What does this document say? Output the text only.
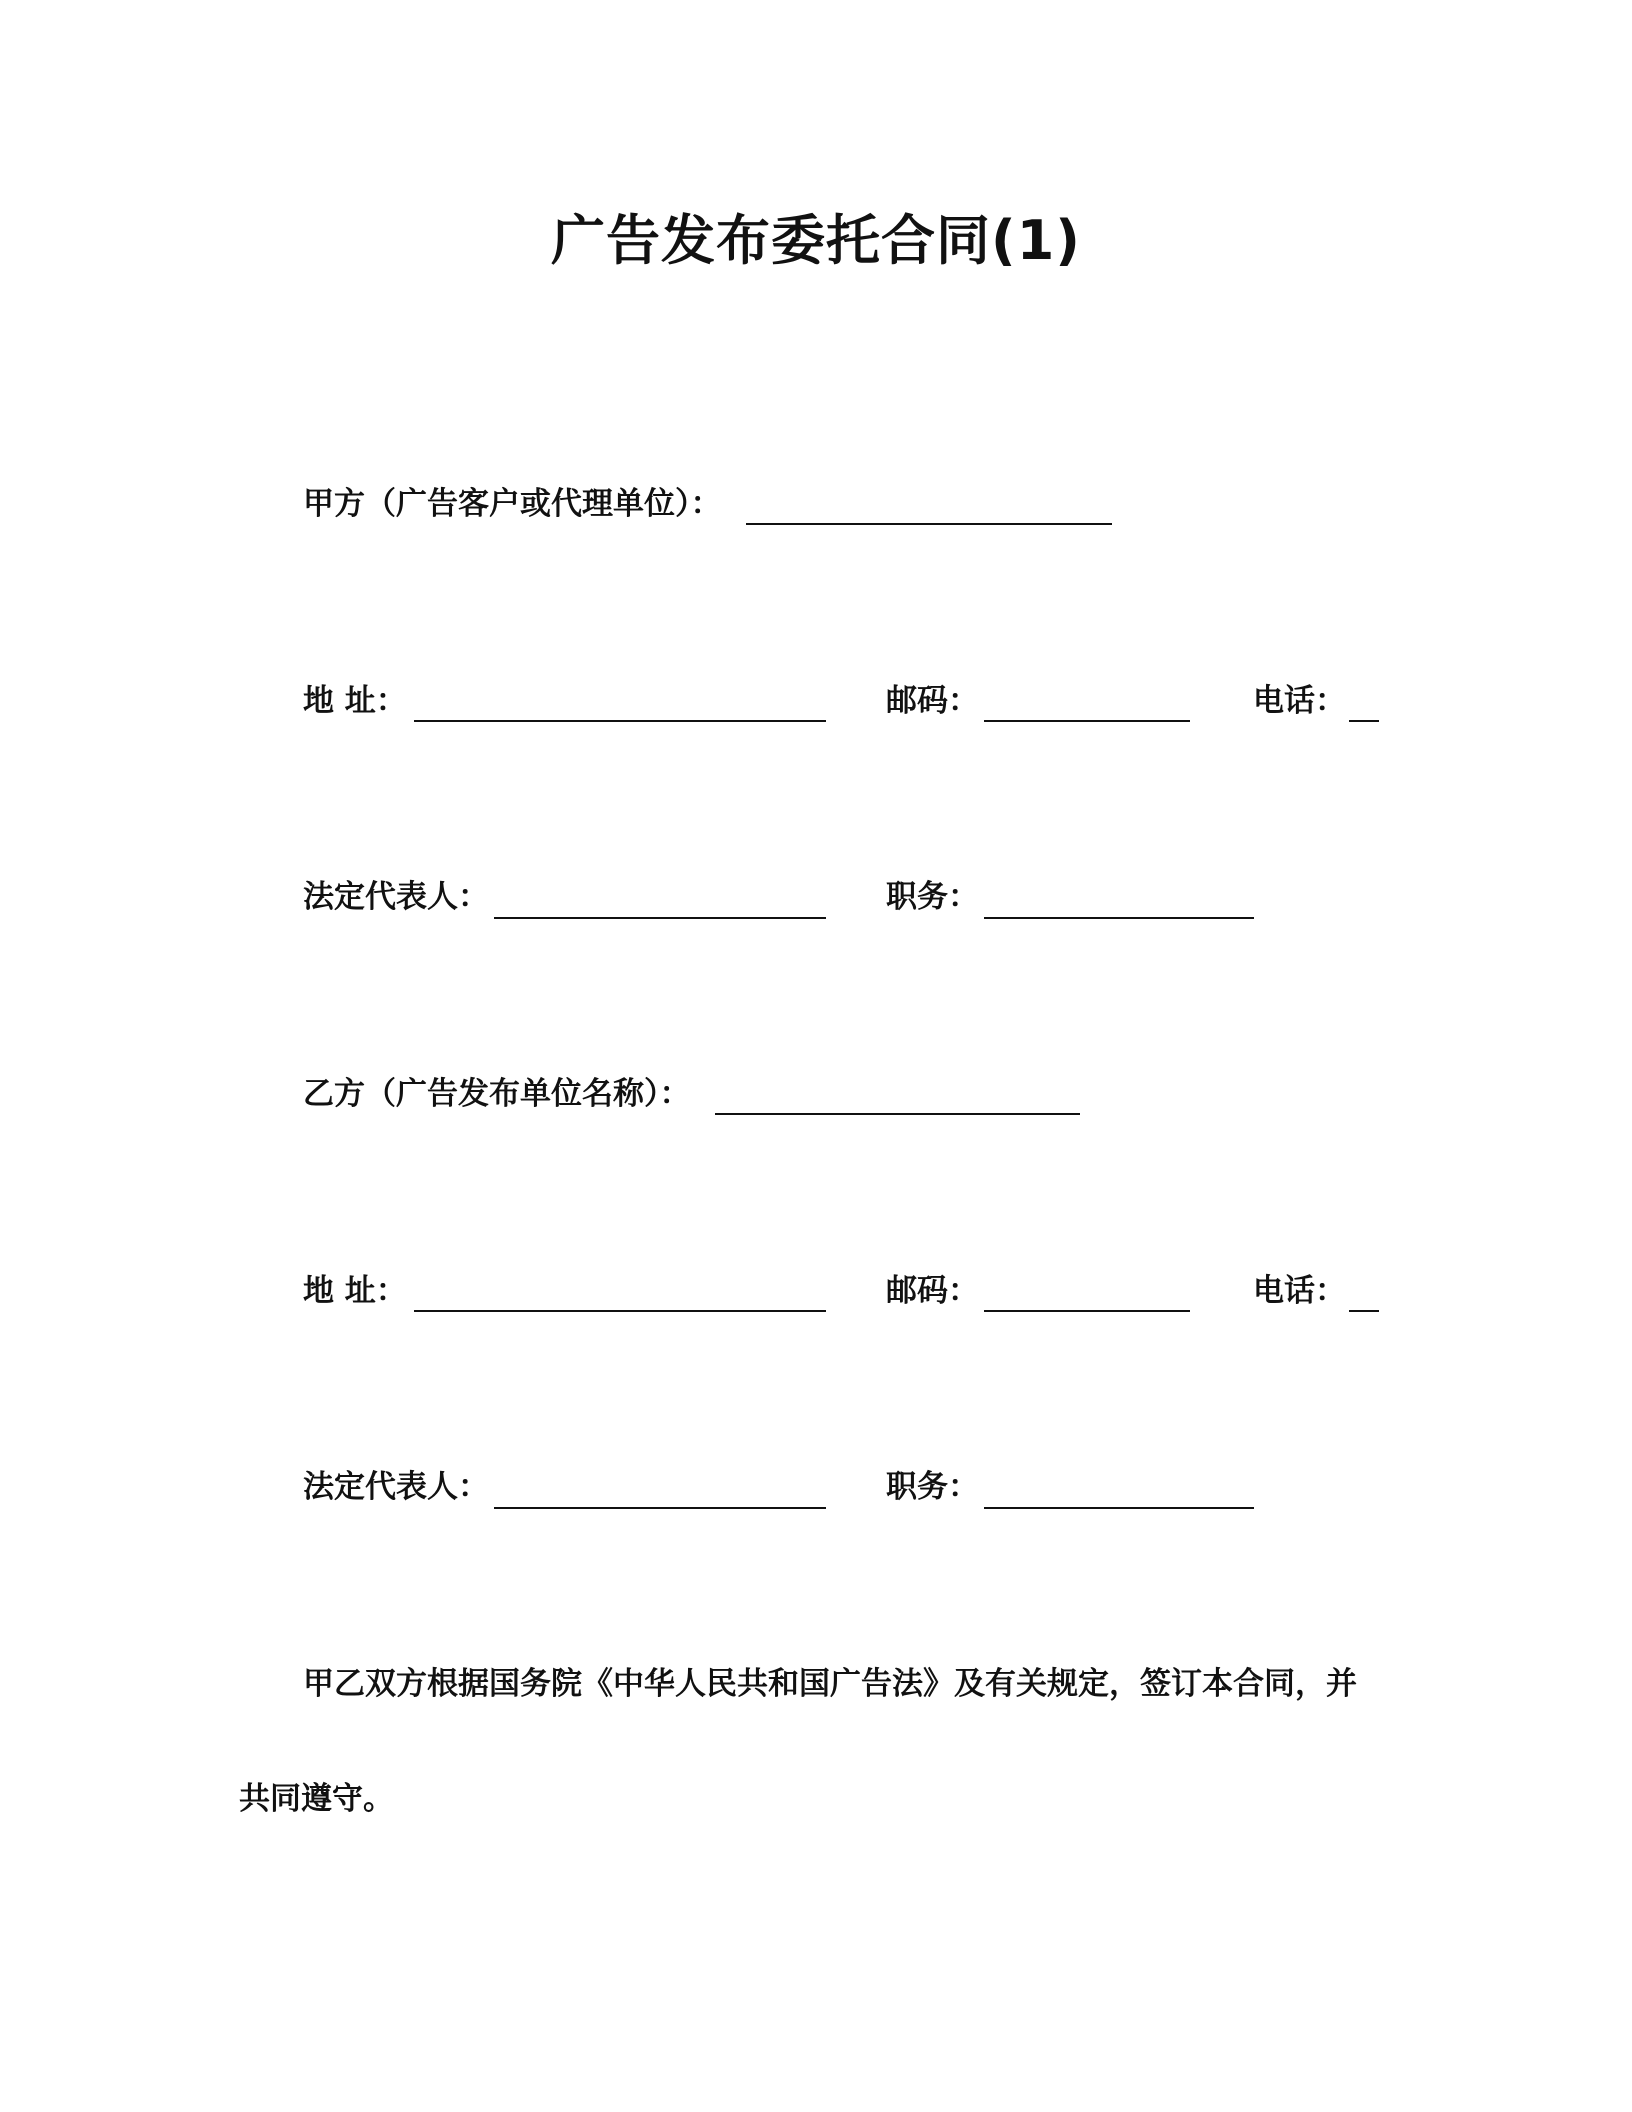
广告发布委托合同(1)
甲方（广告客户或代理单位）：
地 址：	邮码：	电话：
法定代表人：	职务：
乙方（广告发布单位名称）：
地 址：	邮码：	电话：
法定代表人：	职务：
甲乙双方根据国务院《中华人民共和国广告法》及有关规定，签订本合同，并
共同遵守。
